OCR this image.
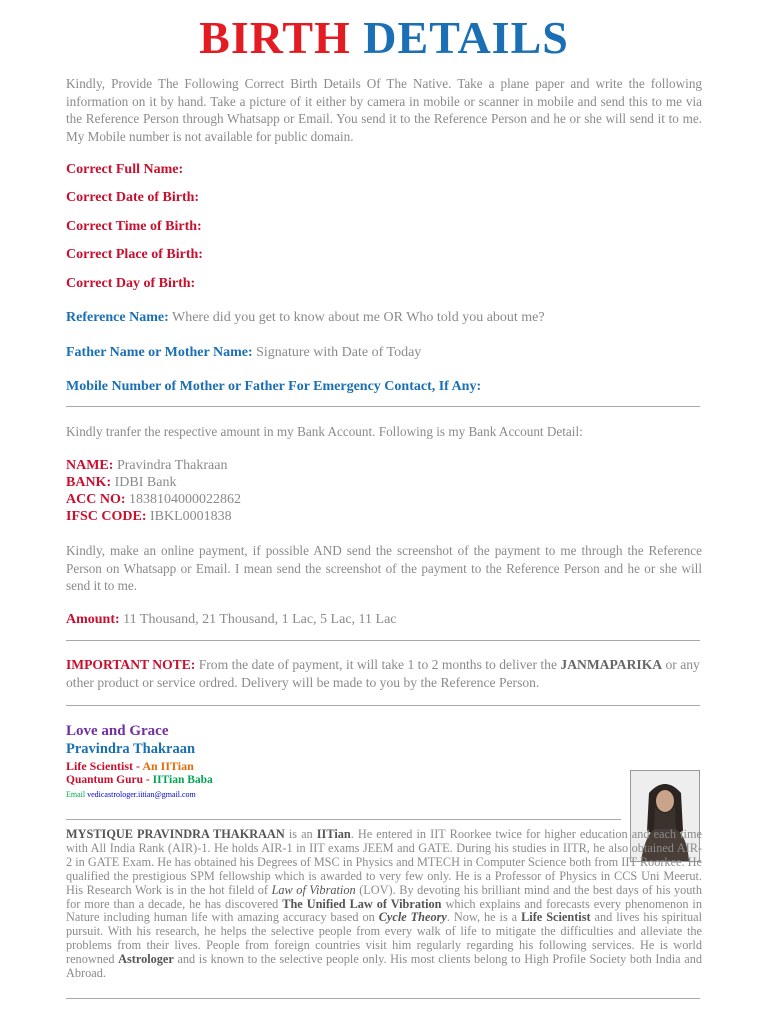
BIRTH DETAILS
Kindly, Provide The Following Correct Birth Details Of The Native. Take a plane paper and write the following information on it by hand. Take a picture of it either by camera in mobile or scanner in mobile and send this to me via the Reference Person through Whatsapp or Email. You send it to the Reference Person and he or she will send it to me. My Mobile number is not available for public domain.
Correct Full Name:
Correct Date of Birth:
Correct Time of Birth:
Correct Place of Birth:
Correct Day of Birth:
Reference Name: Where did you get to know about me OR Who told you about me?
Father Name or Mother Name: Signature with Date of Today
Mobile Number of Mother or Father For Emergency Contact, If Any:
Kindly tranfer the respective amount in my Bank Account. Following is my Bank Account Detail:
NAME: Pravindra Thakraan
BANK: IDBI Bank
ACC NO: 1838104000022862
IFSC CODE: IBKL0001838
Kindly, make an online payment, if possible AND send the screenshot of the payment to me through the Reference Person on Whatsapp or Email. I mean send the screenshot of the payment to the Reference Person and he or she will send it to me.
Amount: 11 Thousand, 21 Thousand, 1 Lac, 5 Lac, 11 Lac
IMPORTANT NOTE: From the date of payment, it will take 1 to 2 months to deliver the JANMAPARIKA or any other product or service ordred. Delivery will be made to you by the Reference Person.
Love and Grace
Pravindra Thakraan
Life Scientist - An IITian
Quantum Guru - IITian Baba
Email vedicastrologer.iitian@gmail.com
MYSTIQUE PRAVINDRA THAKRAAN is an IITian. He entered in IIT Roorkee twice for higher education and each time with All India Rank (AIR)-1. He holds AIR-1 in IIT exams JEEM and GATE. During his studies in IITR, he also obtained AIR- 2 in GATE Exam. He has obtained his Degrees of MSC in Physics and MTECH in Computer Science both from IIT Roorkee. He qualified the prestigious SPM fellowship which is awarded to very few only. He is a Professor of Physics in CCS Uni Meerut. His Research Work is in the hot fileld of Law of Vibration (LOV). By devoting his brilliant mind and the best days of his youth for more than a decade, he has discovered The Unified Law of Vibration which explains and forecasts every phenomenon in Nature including human life with amazing accuracy based on Cycle Theory. Now, he is a Life Scientist and lives his spiritual pursuit. With his research, he helps the selective people from every walk of life to mitigate the difficulties and alleviate the problems from their lives. People from foreign countries visit him regularly regarding his following services. He is world renowned Astrologer and is known to the selective people only. His most clients belong to High Profile Society both India and Abroad.
